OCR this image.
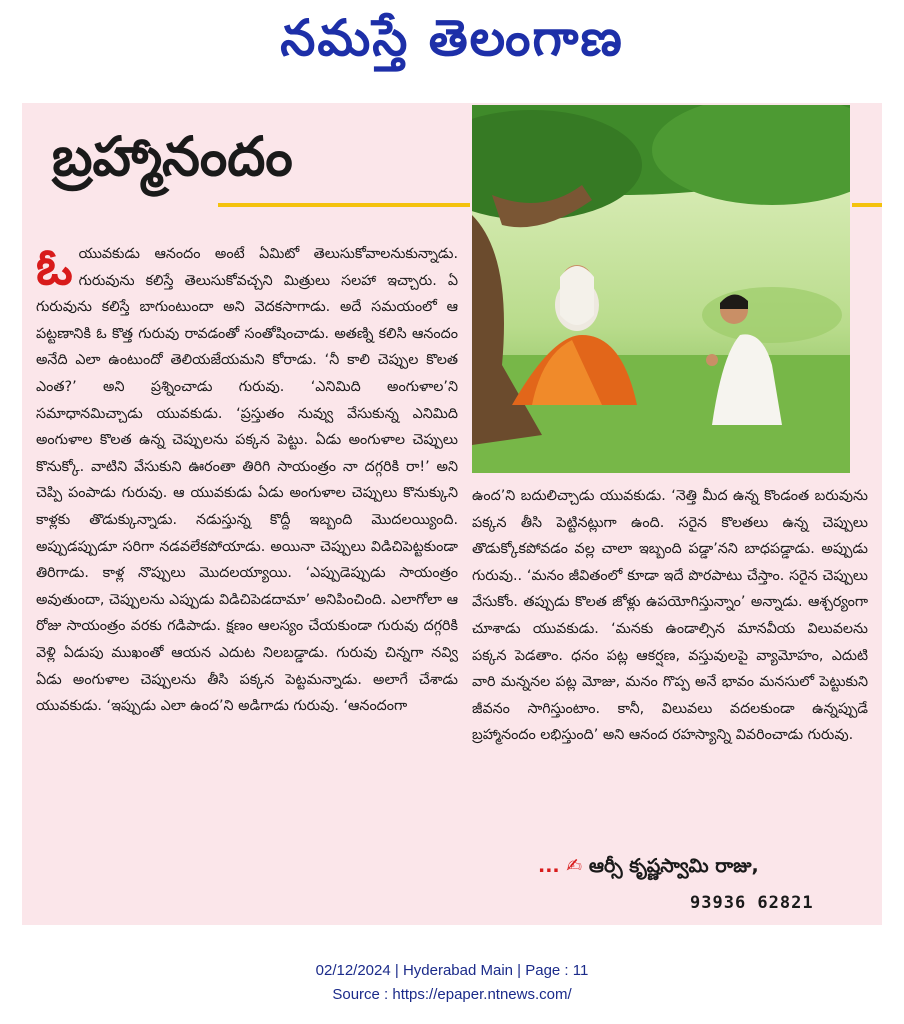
నమస్తే తెలంగాణ
బ్రహ్మానందం

ఓ యువకుడు ఆనందం అంటే ఏమిటో తెలుసుకోవాలనుకున్నాడు. గురువును కలిస్తే తెలుసుకోవచ్చని మిత్రులు సలహా ఇచ్చారు. ఏ గురువును కలిస్తే బాగుంటుందా అని వెదకసాగాడు. అదే సమయంలో ఆ పట్టణానికి ఓ కొత్త గురువు రావడంతో సంతోషించాడు. అతణ్ని కలిసి ఆనందం అనేది ఎలా ఉంటుందో తెలియజేయమని కోరాడు. ‘నీ కాలి చెప్పుల కొలత ఎంత?’ అని ప్రశ్నించాడు గురువు. ‘ఎనిమిది అంగుళాల’ని సమాధానమిచ్చాడు యువకుడు. ‘ప్రస్తుతం నువ్వు వేసుకున్న ఎనిమిది అంగుళాల కొలత ఉన్న చెప్పులను పక్కన పెట్టు. ఏడు అంగుళాల చెప్పులు కొనుక్కో. వాటిని వేసుకుని ఊరంతా తిరిగి సాయంత్రం నా దగ్గరికి రా!’ అని చెప్పి పంపాడు గురువు. ఆ యువకుడు ఏడు అంగుళాల చెప్పులు కొనుక్కుని కాళ్లకు తొడుక్కున్నాడు. నడుస్తున్న కొద్దీ ఇబ్బంది మొదలయ్యింది. అప్పుడప్పుడూ సరిగా నడవలేకపోయాడు. అయినా చెప్పులు విడిచిపెట్టకుండా తిరిగాడు. కాళ్ల నొప్పులు మొదలయ్యాయి. ‘ఎప్పుడెప్పుడు సాయంత్రం అవుతుందా, చెప్పులను ఎప్పుడు విడిచిపెడదామా’ అనిపించింది. ఎలాగోలా ఆ రోజు సాయంత్రం వరకు గడిపాడు. క్షణం ఆలస్యం చేయకుండా గురువు దగ్గరికి వెళ్లి ఏడుపు ముఖంతో ఆయన ఎదుట నిలబడ్డాడు. గురువు చిన్నగా నవ్వి ఏడు అంగుళాల చెప్పులను తీసి పక్కన పెట్టమన్నాడు. అలాగే చేశాడు యువకుడు. ‘ఇప్పుడు ఎలా ఉంద’ని అడిగాడు గురువు. ‘ఆనందంగా

ఉంద’ని బదులిచ్చాడు యువకుడు. ‘నెత్తి మీద ఉన్న కొండంత బరువును పక్కన తీసి పెట్టినట్లుగా ఉంది. సరైన కొలతలు ఉన్న చెప్పులు తొడుక్కోకపోవడం వల్ల చాలా ఇబ్బంది పడ్డా’నని బాధపడ్డాడు. అప్పుడు గురువు.. ‘మనం జీవితంలో కూడా ఇదే పొరపాటు చేస్తాం. సరైన చెప్పులు వేసుకోం. తప్పుడు కొలత జోళ్లు ఉపయోగిస్తున్నాం’ అన్నాడు. ఆశ్చర్యంగా చూశాడు యువకుడు. ‘మనకు ఉండాల్సిన మానవీయ విలువలను పక్కన పెడతాం. ధనం పట్ల ఆకర్షణ, వస్తువులపై వ్యామోహం, ఎదుటి వారి మన్ననల పట్ల మోజు, మనం గొప్ప అనే భావం మనసులో పెట్టుకుని జీవనం సాగిస్తుంటాం. కానీ, విలువలు వదలకుండా ఉన్నప్పుడే బ్రహ్మానందం లభిస్తుంది’ అని ఆనంద రహస్యాన్ని వివరించాడు గురువు.

... ✍ ఆర్సీ కృష్ణస్వామి రాజు,
93936 62821
02/12/2024 | Hyderabad Main | Page : 11
Source : https://epaper.ntnews.com/
